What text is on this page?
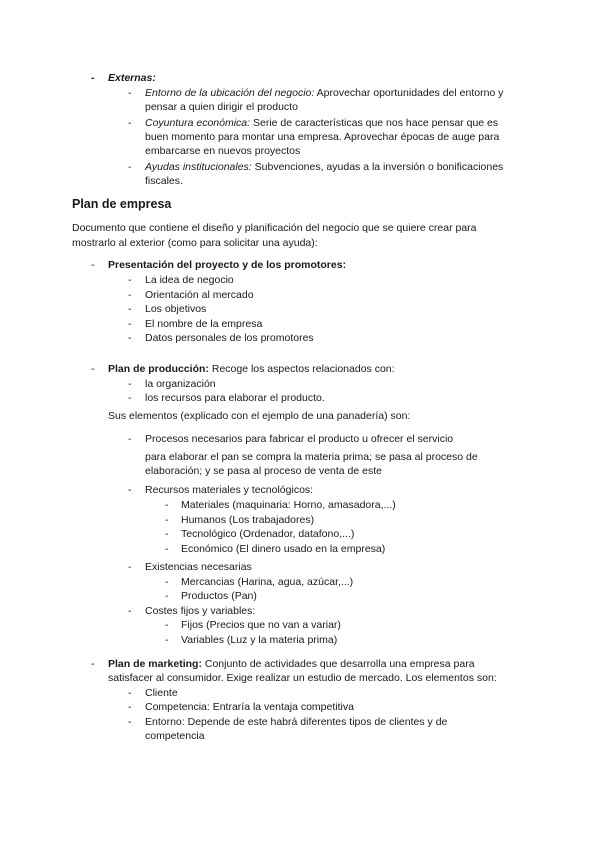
- Externas:
- Entorno de la ubicación del negocio: Aprovechar oportunidades del entorno y
pensar a quien dirigir el producto
- Coyuntura económica: Serie de características que nos hace pensar que es
buen momento para montar una empresa. Aprovechar épocas de auge para
embarcarse en nuevos proyectos
- Ayudas institucionales: Subvenciones, ayudas a la inversión o bonificaciones
fiscales.
Plan de empresa
Documento que contiene el diseño y planificación del negocio que se quiere crear para
mostrarlo al exterior (como para solicitar una ayuda):
- Presentación del proyecto y de los promotores:
- La idea de negocio
- Orientación al mercado
- Los objetivos
- El nombre de la empresa
- Datos personales de los promotores
- Plan de producción: Recoge los aspectos relacionados con:
- la organización
- los recursos para elaborar el producto.
Sus elementos (explicado con el ejemplo de una panadería) son:
- Procesos necesarios para fabricar el producto u ofrecer el servicio
para elaborar el pan se compra la materia prima; se pasa al proceso de
elaboración; y se pasa al proceso de venta de este
- Recursos materiales y tecnológicos:
- Materiales (maquinaria: Horno, amasadora,...)
- Humanos (Los trabajadores)
- Tecnológico (Ordenador, datafono,...)
- Económico (El dinero usado en la empresa)
- Existencias necesarias
- Mercancias (Harina, agua, azúcar,...)
- Productos (Pan)
- Costes fijos y variables:
- Fijos (Precios que no van a variar)
- Variables (Luz y la materia prima)
- Plan de marketing: Conjunto de actividades que desarrolla una empresa para
satisfacer al consumidor. Exige realizar un estudio de mercado. Los elementos son:
- Cliente
- Competencia: Entraría la ventaja competitiva
- Entorno: Depende de este habrá diferentes tipos de clientes y de
competencia
